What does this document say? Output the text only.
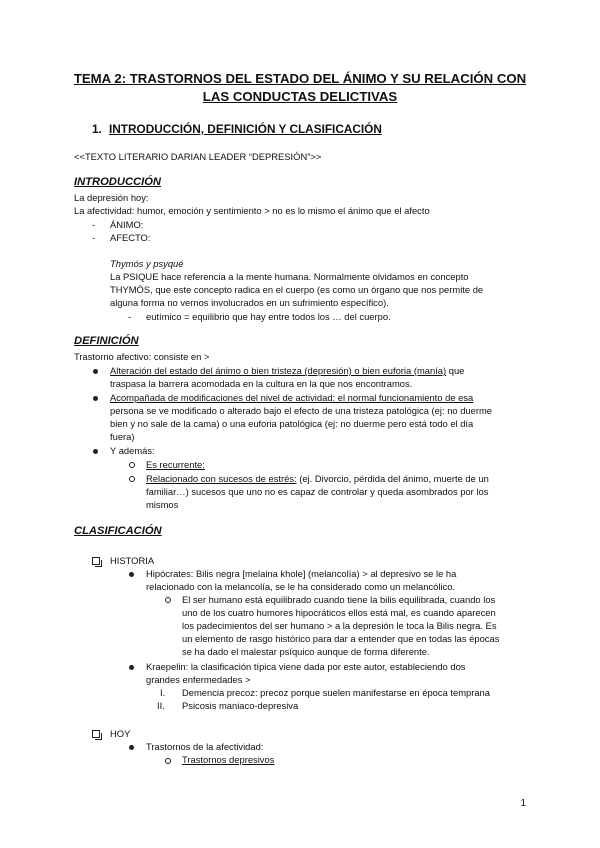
TEMA 2: TRASTORNOS DEL ESTADO DEL ÁNIMO Y SU RELACIÓN CON
LAS CONDUCTAS DELICTIVAS
1. INTRODUCCIÓN, DEFINICIÓN Y CLASIFICACIÓN
<<TEXTO LITERARIO DARIAN LEADER “DEPRESIÓN”>>
INTRODUCCIÓN
La depresión hoy:
La afectividad: humor, emoción y sentimiento > no es lo mismo el ánimo que el afecto
- ÁNIMO:
- AFECTO:
Thymós y psyqué
La PSIQUE hace referencia a la mente humana. Normalmente olvidamos en concepto
THYMÓS, que este concepto radica en el cuerpo (es como un órgano que nos permite de
alguna forma no vernos involucrados en un sufrimiento específico).
- eutímico = equilibrio que hay entre todos los … del cuerpo.
DEFINICIÓN
Trastorno afectivo: consiste en >
Alteración del estado del ánimo o bien tristeza (depresión) o bien euforia (manía) que
traspasa la barrera acomodada en la cultura en la que nos encontramos.
Acompañada de modificaciones del nivel de actividad: el normal funcionamiento de esa
persona se ve modificado o alterado bajo el efecto de una tristeza patológica (ej: no duerme
bien y no sale de la cama) o una euforia patológica (ej: no duerme pero está todo el día
fuera)
Y además:
Es recurrente:
Relacionado con sucesos de estrés: (ej. Divorcio, pérdida del ánimo, muerte de un
familiar…) sucesos que uno no es capaz de controlar y queda asombrados por los
mismos
CLASIFICACIÓN
HISTORIA
Hipócrates: Bilis negra [melaina khole] (melancolía) > al depresivo se le ha
relacionado con la melancolía, se le ha considerado como un melancólico.
El ser humano está equilibrado cuando tiene la bilis equilibrada, cuando los
uno de los cuatro humores hipocráticos ellos está mal, es cuando aparecen
los padecimientos del ser humano > a la depresión le toca la Bilis negra. Es
un elemento de rasgo histórico para dar a entender que en todas las épocas
se ha dado el malestar psíquico aunque de forma diferente.
Kraepelin: la clasificación típica viene dada por este autor, estableciendo dos
grandes enfermedades >
I. Demencia precoz: precoz porque suelen manifestarse en época temprana
II. Psicosis maniaco-depresiva
HOY
Trastornos de la afectividad:
Trastornos depresivos
1
